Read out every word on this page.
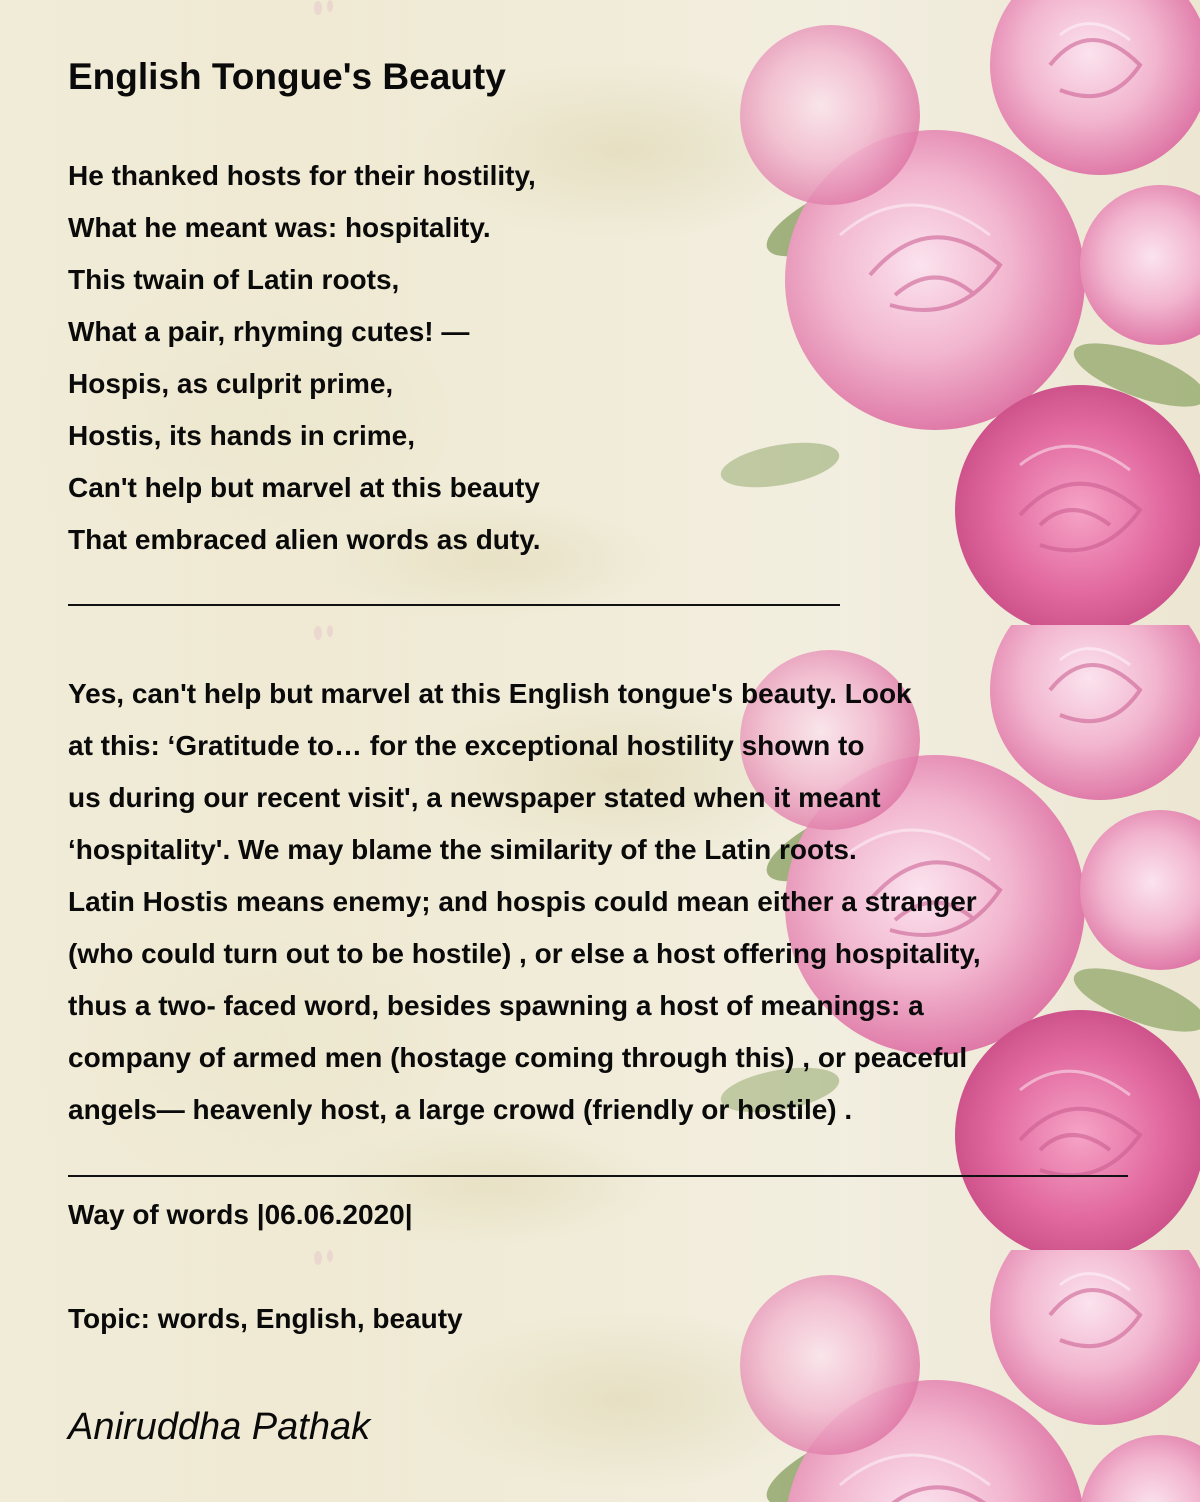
English Tongue's Beauty
He thanked hosts for their hostility,
What he meant was: hospitality.
This twain of Latin roots,
What a pair, rhyming cutes! —
Hospis, as culprit prime,
Hostis, its hands in crime,
Can't help but marvel at this beauty
That embraced alien words as duty.
Yes, can't help but marvel at this English tongue's beauty. Look
at this: ‘Gratitude to… for the exceptional hostility shown to
us during our recent visit', a newspaper stated when it meant
‘hospitality'. We may blame the similarity of the Latin roots.
Latin Hostis means enemy; and hospis could mean either a stranger
(who could turn out to be hostile) , or else a host offering hospitality,
thus a two- faced word, besides spawning a host of meanings: a
company of armed men (hostage coming through this) , or peaceful
angels— heavenly host, a large crowd (friendly or hostile) .
Way of words |06.06.2020|
Topic: words, English, beauty
Aniruddha Pathak
